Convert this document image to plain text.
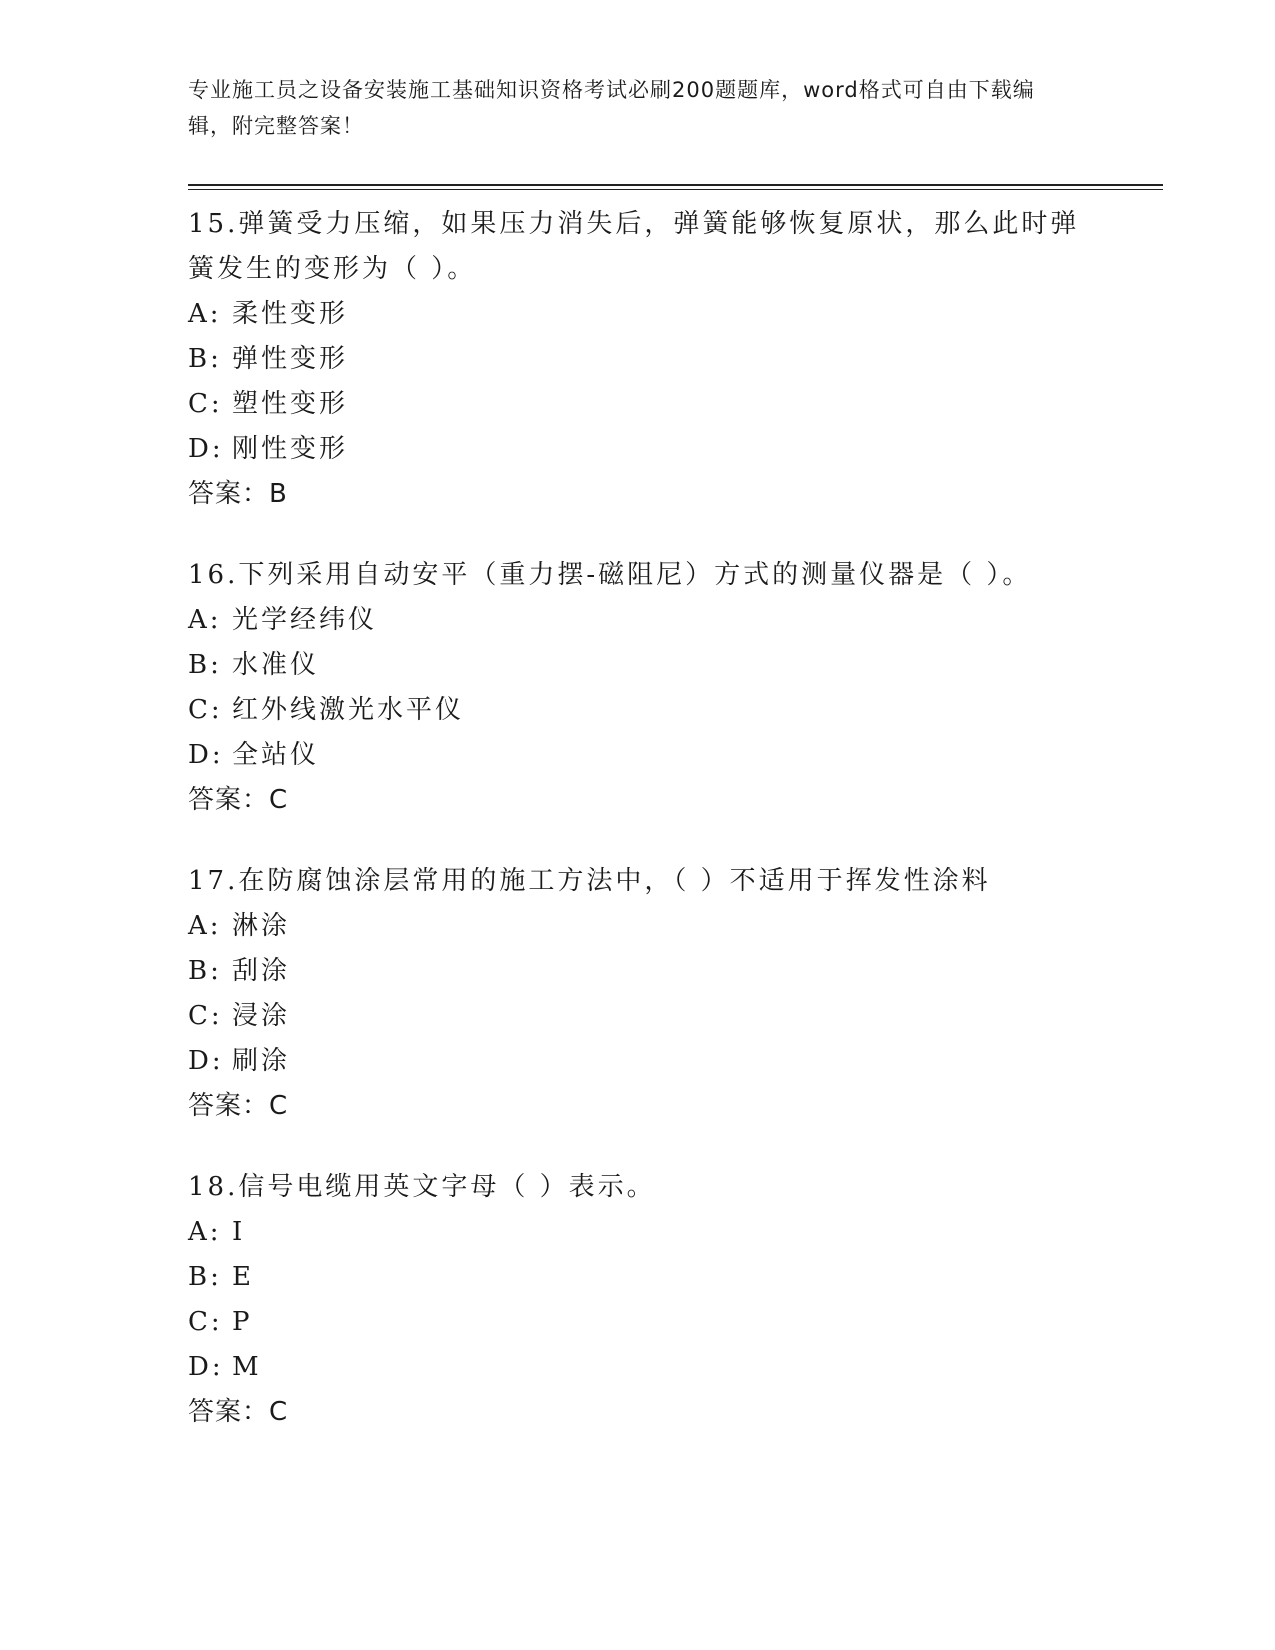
专业施工员之设备安装施工基础知识资格考试必刷200题题库，word格式可自由下载编辑，附完整答案！

15.弹簧受力压缩，如果压力消失后，弹簧能够恢复原状，那么此时弹簧发生的变形为（ ）。

A: 柔性变形

B: 弹性变形

C: 塑性变形

D: 刚性变形

答案：B

16.下列采用自动安平（重力摆-磁阻尼）方式的测量仪器是（ ）。

A: 光学经纬仪

B: 水准仪

C: 红外线激光水平仪

D: 全站仪

答案：C

17.在防腐蚀涂层常用的施工方法中，（ ）不适用于挥发性涂料

A: 淋涂

B: 刮涂

C: 浸涂

D: 刷涂

答案：C

18.信号电缆用英文字母（ ）表示。

A: I

B: E

C: P

D: M

答案：C
